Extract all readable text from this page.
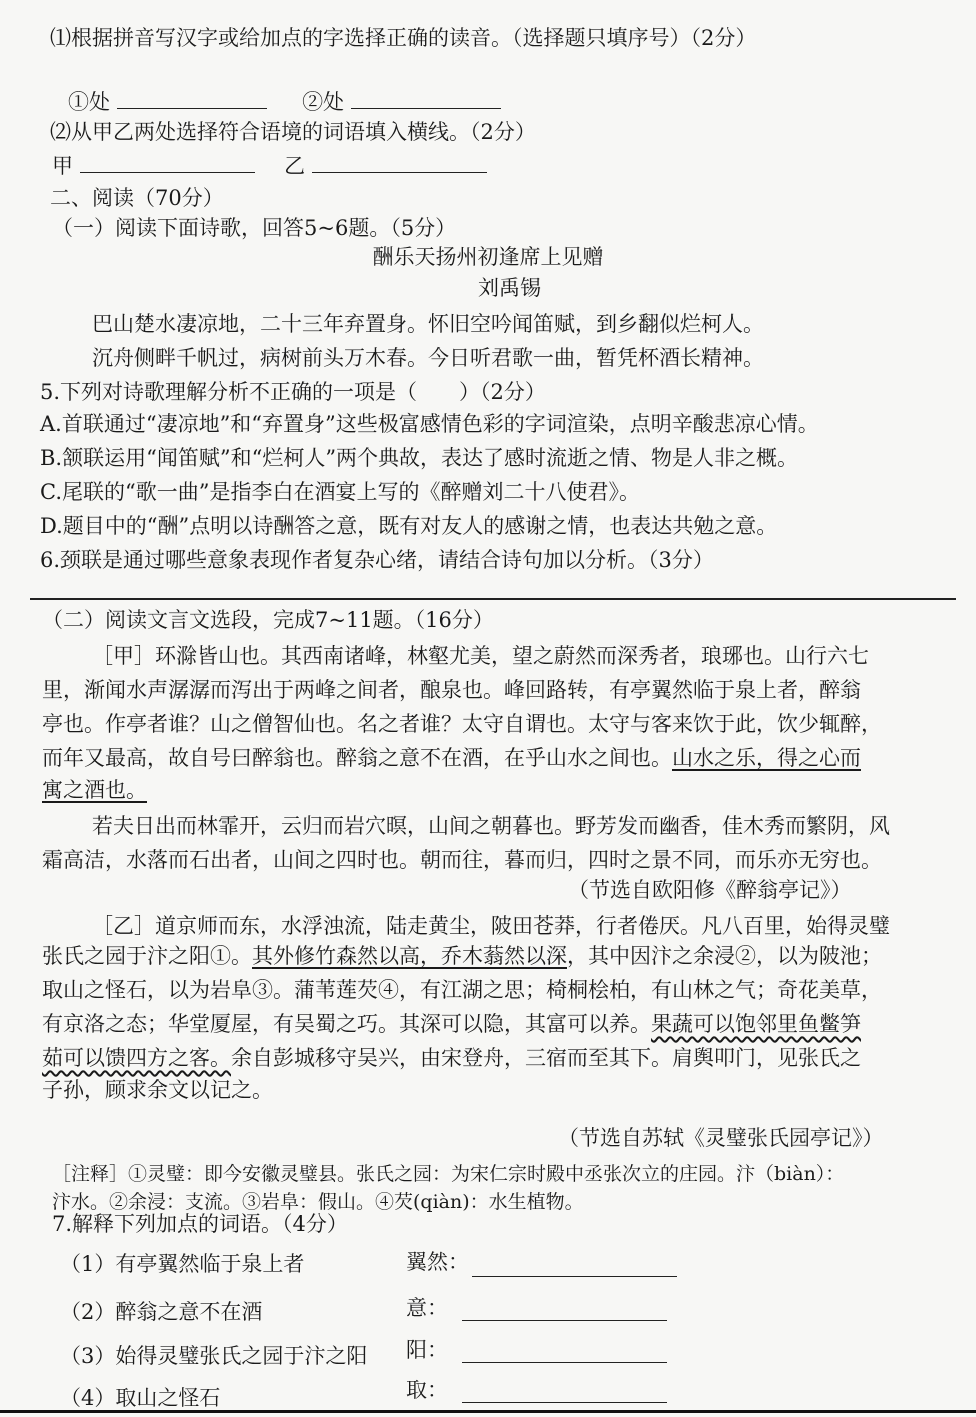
⑴根据拼音写汉字或给加点的字选择正确的读音。（选择题只填序号）（2分）
①处	②处
⑵从甲乙两处选择符合语境的词语填入横线。（2分）
甲	乙
二、阅读（70分）
（一）阅读下面诗歌，回答5~6题。（5分）
酬乐天扬州初逢席上见赠
刘禹锡
巴山楚水凄凉地，二十三年弃置身。怀旧空吟闻笛赋，到乡翻似烂柯人。
沉舟侧畔千帆过，病树前头万木春。今日听君歌一曲，暂凭杯酒长精神。
5.下列对诗歌理解分析不正确的一项是（　　）（2分）
A.首联通过“凄凉地”和“弃置身”这些极富感情色彩的字词渲染，点明辛酸悲凉心情。
B.颔联运用“闻笛赋”和“烂柯人”两个典故，表达了感时流逝之情、物是人非之概。
C.尾联的“歌一曲”是指李白在酒宴上写的《醉赠刘二十八使君》。
D.题目中的“酬”点明以诗酬答之意，既有对友人的感谢之情，也表达共勉之意。
6.颈联是通过哪些意象表现作者复杂心绪，请结合诗句加以分析。（3分）
（二）阅读文言文选段，完成7~11题。（16分）
［甲］环滁皆山也。其西南诸峰，林壑尤美，望之蔚然而深秀者，琅琊也。山行六七
里，渐闻水声潺潺而泻出于两峰之间者，酿泉也。峰回路转，有亭翼然临于泉上者，醉翁
亭也。作亭者谁？山之僧智仙也。名之者谁？太守自谓也。太守与客来饮于此，饮少辄醉，
而年又最高，故自号曰醉翁也。醉翁之意不在酒，在乎山水之间也。山水之乐，得之心而
寓之酒也。
若夫日出而林霏开，云归而岩穴暝，山间之朝暮也。野芳发而幽香，佳木秀而繁阴，风
霜高洁，水落而石出者，山间之四时也。朝而往，暮而归，四时之景不同，而乐亦无穷也。
（节选自欧阳修《醉翁亭记》）
［乙］道京师而东，水浮浊流，陆走黄尘，陂田苍莽，行者倦厌。凡八百里，始得灵璧
张氏之园于汴之阳①。其外修竹森然以高，乔木蓊然以深，其中因汴之余浸②，以为陂池；
取山之怪石，以为岩阜③。蒲苇莲芡④，有江湖之思；椅桐桧柏，有山林之气；奇花美草，
有京洛之态；华堂厦屋，有吴蜀之巧。其深可以隐，其富可以养。果蔬可以饱邻里鱼鳖笋
茹可以馈四方之客。余自彭城移守吴兴，由宋登舟，三宿而至其下。肩舆叩门，见张氏之
子孙，顾求余文以记之。
（节选自苏轼《灵璧张氏园亭记》）
［注释］①灵璧：即今安徽灵璧县。张氏之园：为宋仁宗时殿中丞张次立的庄园。汴（biàn）：
汴水。②余浸：支流。③岩阜：假山。④芡(qiàn)：水生植物。
7.解释下列加点的词语。（4分）
（1）有亭翼然临于泉上者
（2）醉翁之意不在酒
（3）始得灵璧张氏之园于汴之阳
（4）取山之怪石
翼然：
意：
阳：
取：
